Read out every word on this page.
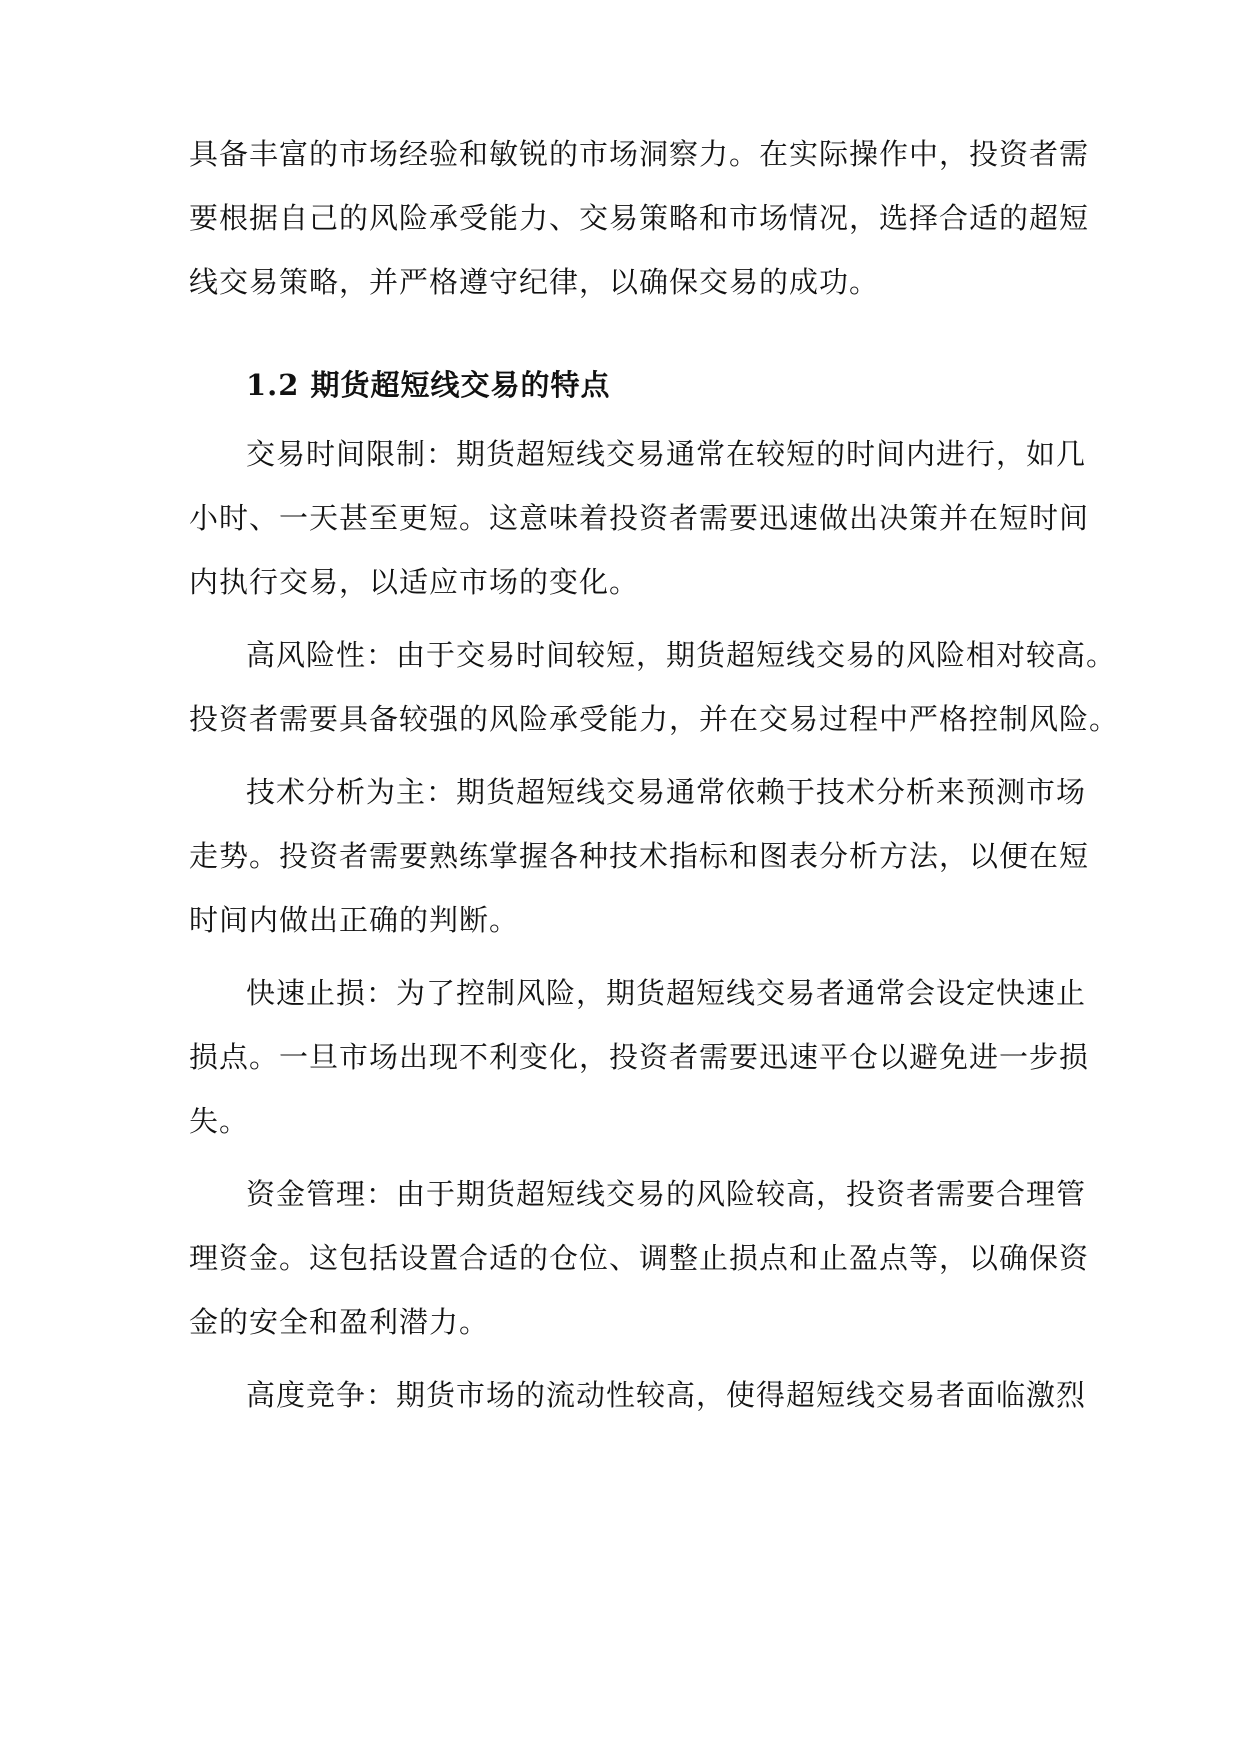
具备丰富的市场经验和敏锐的市场洞察力。在实际操作中，投资者需
要根据自己的风险承受能力、交易策略和市场情况，选择合适的超短
线交易策略，并严格遵守纪律，以确保交易的成功。
1.2 期货超短线交易的特点
交易时间限制：期货超短线交易通常在较短的时间内进行，如几
小时、一天甚至更短。这意味着投资者需要迅速做出决策并在短时间
内执行交易，以适应市场的变化。
高风险性：由于交易时间较短，期货超短线交易的风险相对较高。
投资者需要具备较强的风险承受能力，并在交易过程中严格控制风险。
技术分析为主：期货超短线交易通常依赖于技术分析来预测市场
走势。投资者需要熟练掌握各种技术指标和图表分析方法，以便在短
时间内做出正确的判断。
快速止损：为了控制风险，期货超短线交易者通常会设定快速止
损点。一旦市场出现不利变化，投资者需要迅速平仓以避免进一步损
失。
资金管理：由于期货超短线交易的风险较高，投资者需要合理管
理资金。这包括设置合适的仓位、调整止损点和止盈点等，以确保资
金的安全和盈利潜力。
高度竞争：期货市场的流动性较高，使得超短线交易者面临激烈
